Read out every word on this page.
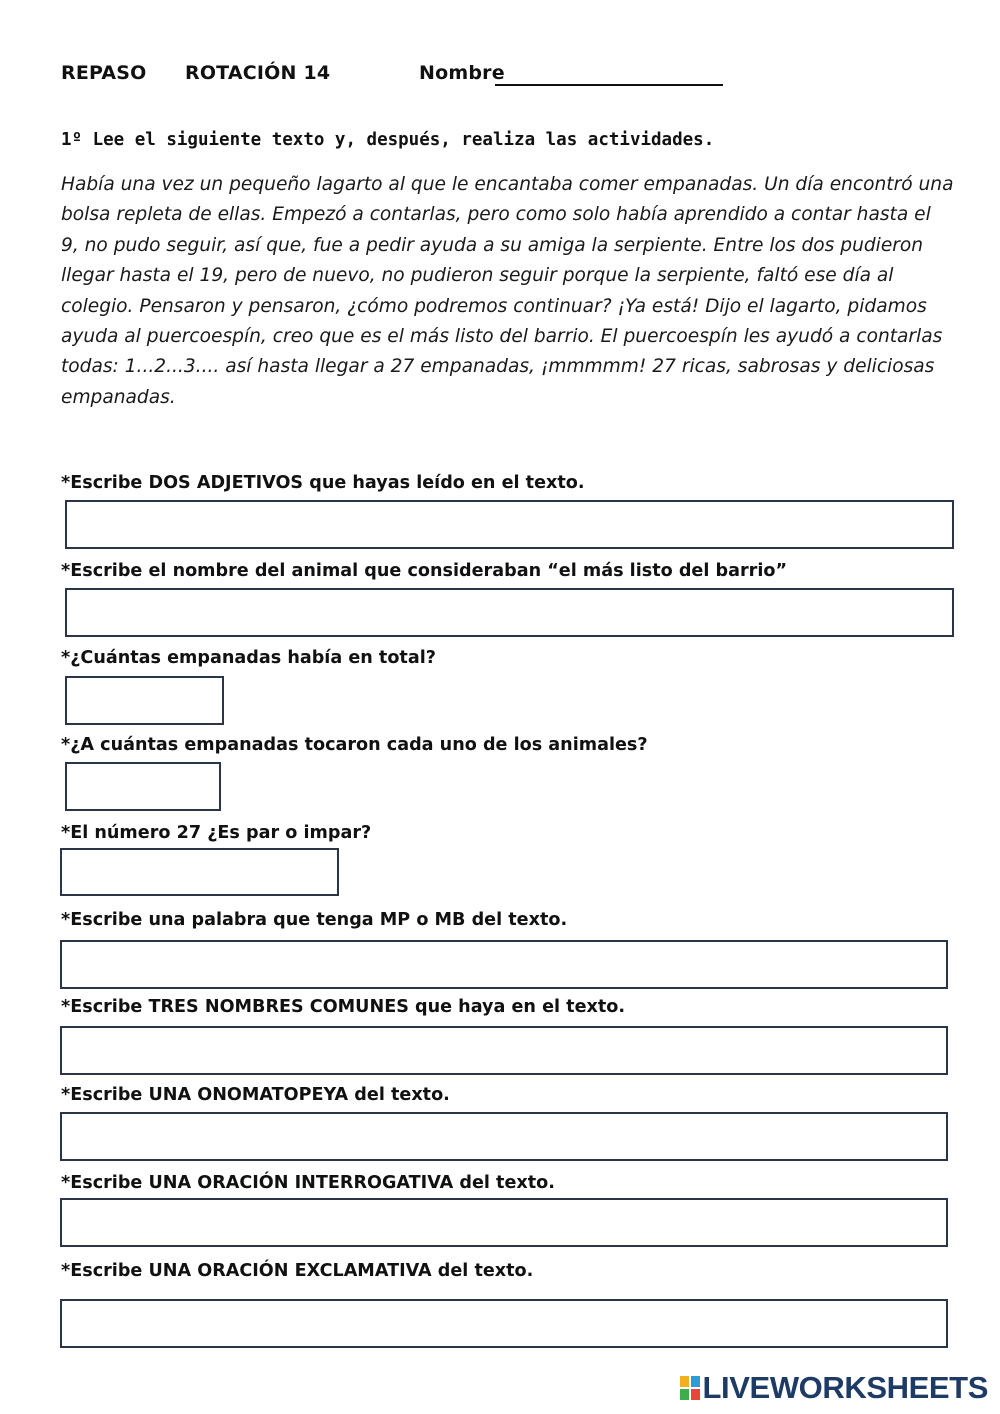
REPASO ROTACIÓN 14	Nombre
1º Lee el siguiente texto y, después, realiza las actividades.
Había una vez un pequeño lagarto al que le encantaba comer empanadas. Un día encontró una
bolsa repleta de ellas. Empezó a contarlas, pero como solo había aprendido a contar hasta el
9, no pudo seguir, así que, fue a pedir ayuda a su amiga la serpiente. Entre los dos pudieron
llegar hasta el 19, pero de nuevo, no pudieron seguir porque la serpiente, faltó ese día al
colegio. Pensaron y pensaron, ¿cómo podremos continuar? ¡Ya está! Dijo el lagarto, pidamos
ayuda al puercoespín, creo que es el más listo del barrio. El puercoespín les ayudó a contarlas
todas: 1...2...3.... así hasta llegar a 27 empanadas, ¡mmmmm! 27 ricas, sabrosas y deliciosas
empanadas.
*Escribe DOS ADJETIVOS que hayas leído en el texto.
*Escribe el nombre del animal que consideraban “el más listo del barrio”
*¿Cuántas empanadas había en total?
*¿A cuántas empanadas tocaron cada uno de los animales?
*El número 27 ¿Es par o impar?
*Escribe una palabra que tenga MP o MB del texto.
*Escribe TRES NOMBRES COMUNES que haya en el texto.
*Escribe UNA ONOMATOPEYA del texto.
*Escribe UNA ORACIÓN INTERROGATIVA del texto.
*Escribe UNA ORACIÓN EXCLAMATIVA del texto.
LIVEWORKSHEETS
